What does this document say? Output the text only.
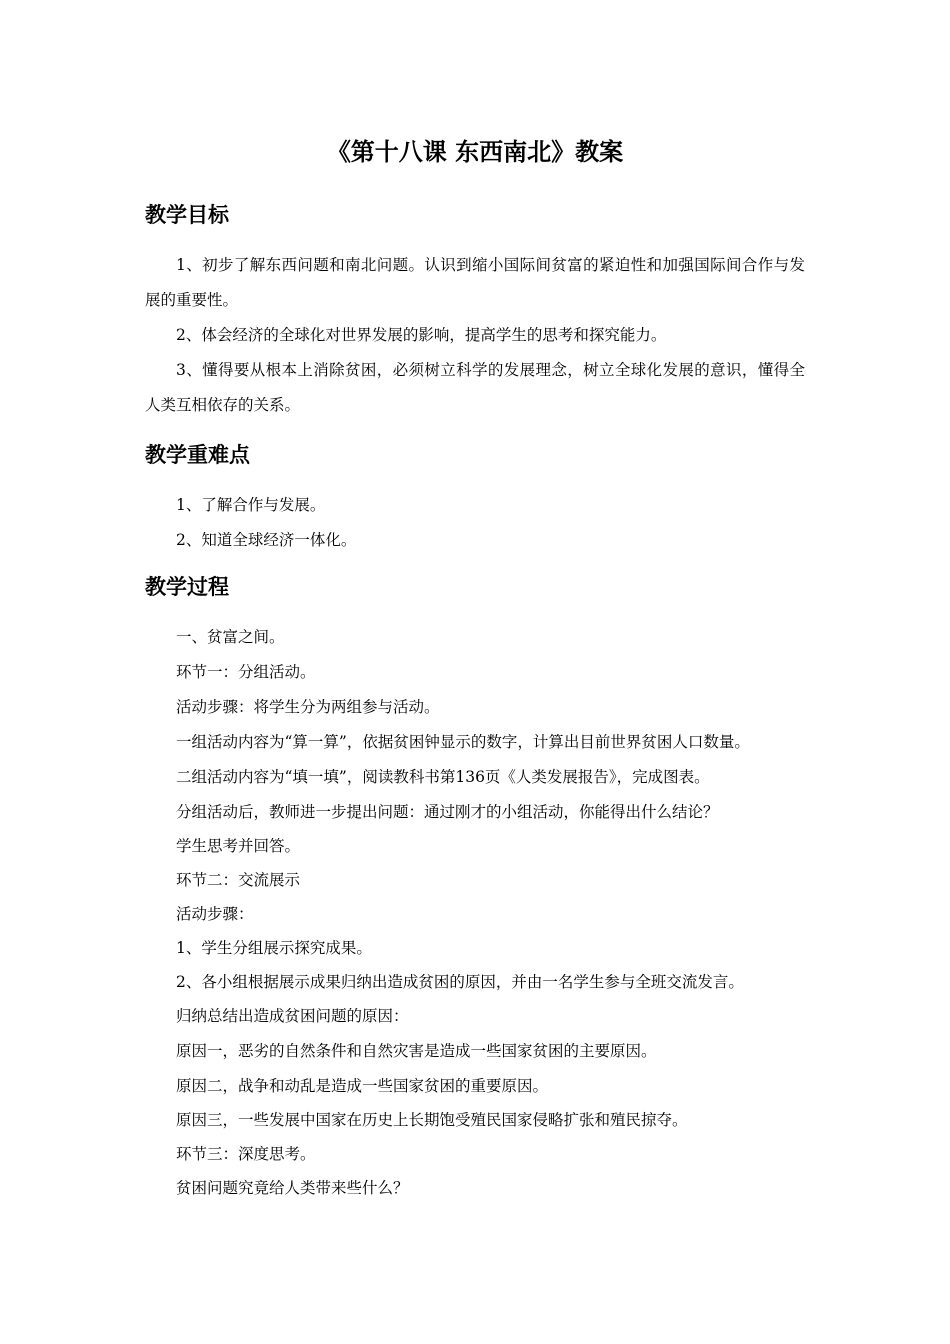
《第十八课 东西南北》教案
教学目标
1、初步了解东西问题和南北问题。认识到缩小国际间贫富的紧迫性和加强国际间合作与发展的重要性。
2、体会经济的全球化对世界发展的影响，提高学生的思考和探究能力。
3、懂得要从根本上消除贫困，必须树立科学的发展理念，树立全球化发展的意识，懂得全人类互相依存的关系。
教学重难点
1、了解合作与发展。
2、知道全球经济一体化。
教学过程
一、贫富之间。
环节一：分组活动。
活动步骤：将学生分为两组参与活动。
一组活动内容为“算一算”，依据贫困钟显示的数字，计算出目前世界贫困人口数量。
二组活动内容为“填一填”，阅读教科书第136页《人类发展报告》，完成图表。
分组活动后，教师进一步提出问题：通过刚才的小组活动，你能得出什么结论？
学生思考并回答。
环节二：交流展示
活动步骤：
1、学生分组展示探究成果。
2、各小组根据展示成果归纳出造成贫困的原因，并由一名学生参与全班交流发言。
归纳总结出造成贫困问题的原因：
原因一，恶劣的自然条件和自然灾害是造成一些国家贫困的主要原因。
原因二，战争和动乱是造成一些国家贫困的重要原因。
原因三，一些发展中国家在历史上长期饱受殖民国家侵略扩张和殖民掠夺。
环节三：深度思考。
贫困问题究竟给人类带来些什么？
